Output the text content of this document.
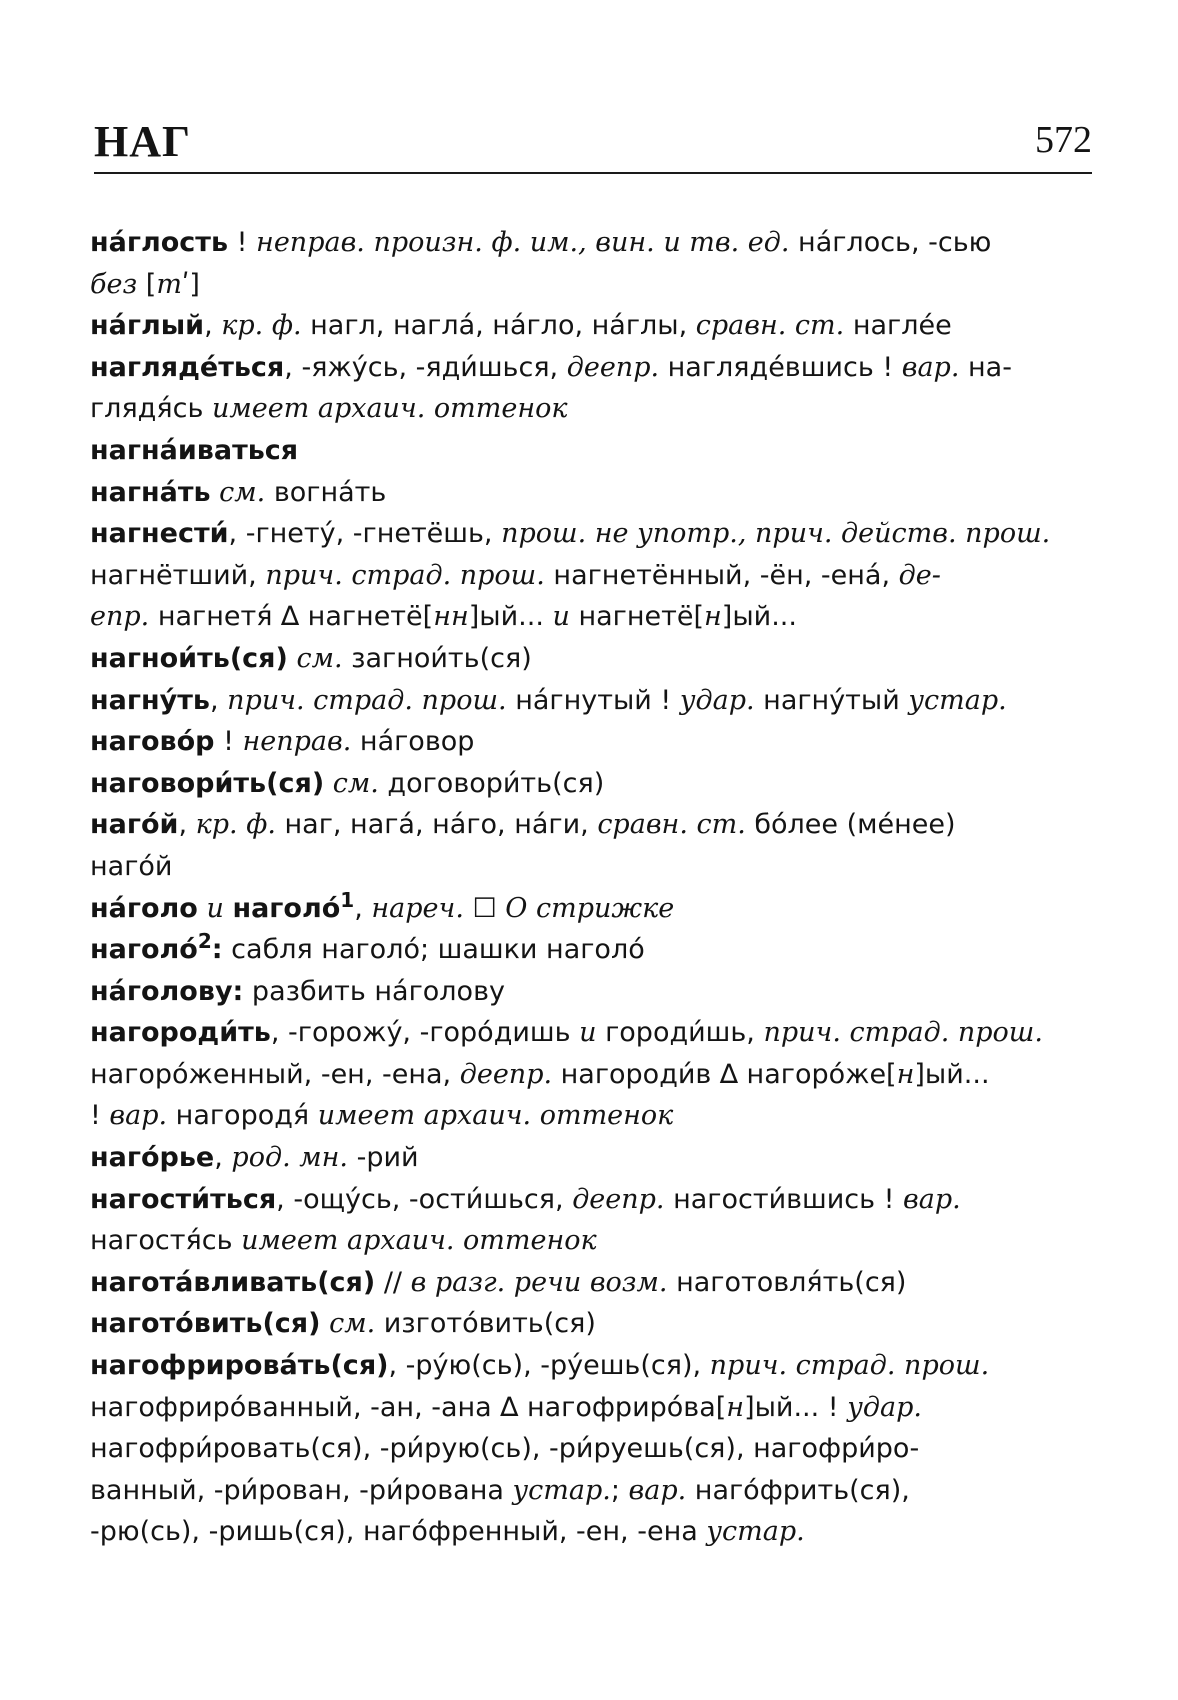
НАГ	572

на́глость ! неправ. произн. ф. им., вин. и тв. ед. на́глось, -сью
без [тʹ]

на́глый, кр. ф. нагл, нагла́, на́гло, на́глы, сравн. ст. наглée

нагляде́ться, -яжу́сь, -яди́шься, деепр. нагляде́вшись ! вар. на-
глядя́сь имеет архаич. оттенок

нагна́иваться

нагна́ть см. вогна́ть

нагнести́, -гнету́, -гнетёшь, прош. не употр., прич. действ. прош.
нагнётший, прич. страд. прош. нагнетённый, -ён, -ена́, де-
епр. нагнетя́ ∆ нагнетё[нн]ый... и нагнетё[н]ый...

нагнои́ть(ся) см. загнои́ть(ся)

нагну́ть, прич. страд. прош. на́гнутый ! удар. нагну́тый устар.

наговóр ! неправ. на́говор

наговори́ть(ся) см. договори́ть(ся)

нагóй, кр. ф. наг, нага́, на́го, на́ги, сравн. ст. бóлее (мéнее)
нагóй

на́голо и нагoлó$^1$, нареч. ☐ О стрижке

нагoлó$^2$: сабля нагoлó; шашки нагoлó

на́голову: разбить на́голову

нагороди́ть, -горожу́, -горóдишь и городи́шь, прич. страд. прош.
нагорóженный, -ен, -ена, деепр. нагороди́в ∆ нагорóже[н]ый...
! вар. нагородя́ имеет архаич. оттенок

нагóрье, род. мн. -рий

нагости́ться, -ощу́сь, -ости́шься, деепр. нагости́вшись ! вар.
нагостя́сь имеет архаич. оттенок

нагота́вливать(ся) // в разг. речи возм. наготовля́ть(ся)

наготóвить(ся) см. изготóвить(ся)

нагофрирова́ть(ся), -ру́ю(сь), -ру́ешь(ся), прич. страд. прош.
нагофрирóванный, -ан, -ана ∆ нагофрирóва[н]ый... ! удар.
нагофри́ровать(ся), -ри́рую(сь), -ри́руешь(ся), нагофри́ро-
ванный, -ри́рован, -ри́рована устар.; вар. нагóфрить(ся),
-рю(сь), -ришь(ся), нагóфренный, -ен, -ена устар.
